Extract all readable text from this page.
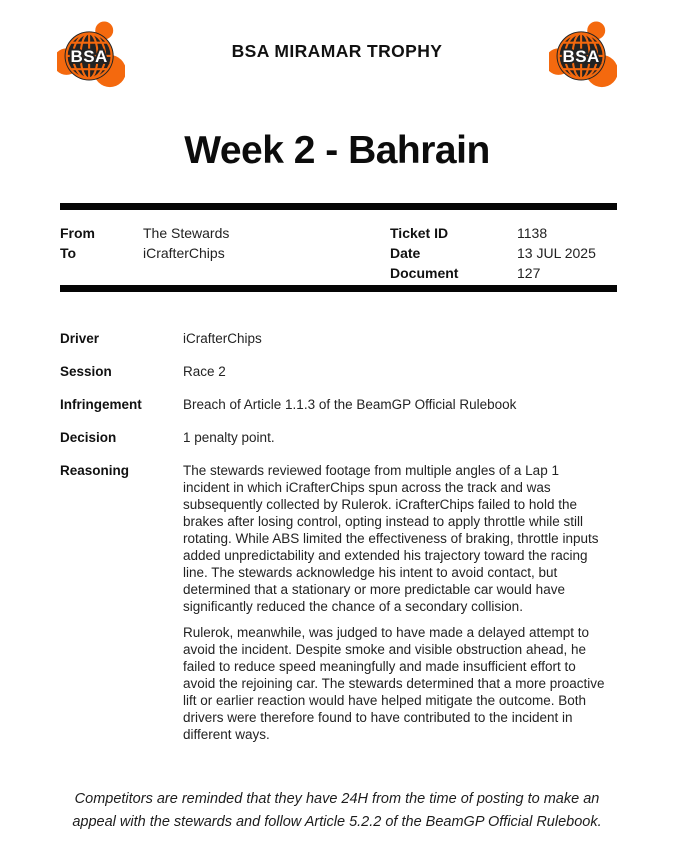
BSA	BSA MIRAMAR TROPHY	BSA
Week 2 - Bahrain
From	The Stewards
To	iCrafterChips
Ticket ID	1138
Date	13 JUL 2025
Document	127
Driver	iCrafterChips
Session	Race 2
Infringement	Breach of Article 1.1.3 of the BeamGP Official Rulebook
Decision	1 penalty point.
Reasoning	The stewards reviewed footage from multiple angles of a Lap 1 incident in which iCrafterChips spun across the track and was subsequently collected by Rulerok. iCrafterChips failed to hold the brakes after losing control, opting instead to apply throttle while still rotating. While ABS limited the effectiveness of braking, throttle inputs added unpredictability and extended his trajectory toward the racing line. The stewards acknowledge his intent to avoid contact, but determined that a stationary or more predictable car would have significantly reduced the chance of a secondary collision.

Rulerok, meanwhile, was judged to have made a delayed attempt to avoid the incident. Despite smoke and visible obstruction ahead, he failed to reduce speed meaningfully and made insufficient effort to avoid the rejoining car. The stewards determined that a more proactive lift or earlier reaction would have helped mitigate the outcome. Both drivers were therefore found to have contributed to the incident in different ways.

Competitors are reminded that they have 24H from the time of posting to make an appeal with the stewards and follow Article 5.2.2 of the BeamGP Official Rulebook.
